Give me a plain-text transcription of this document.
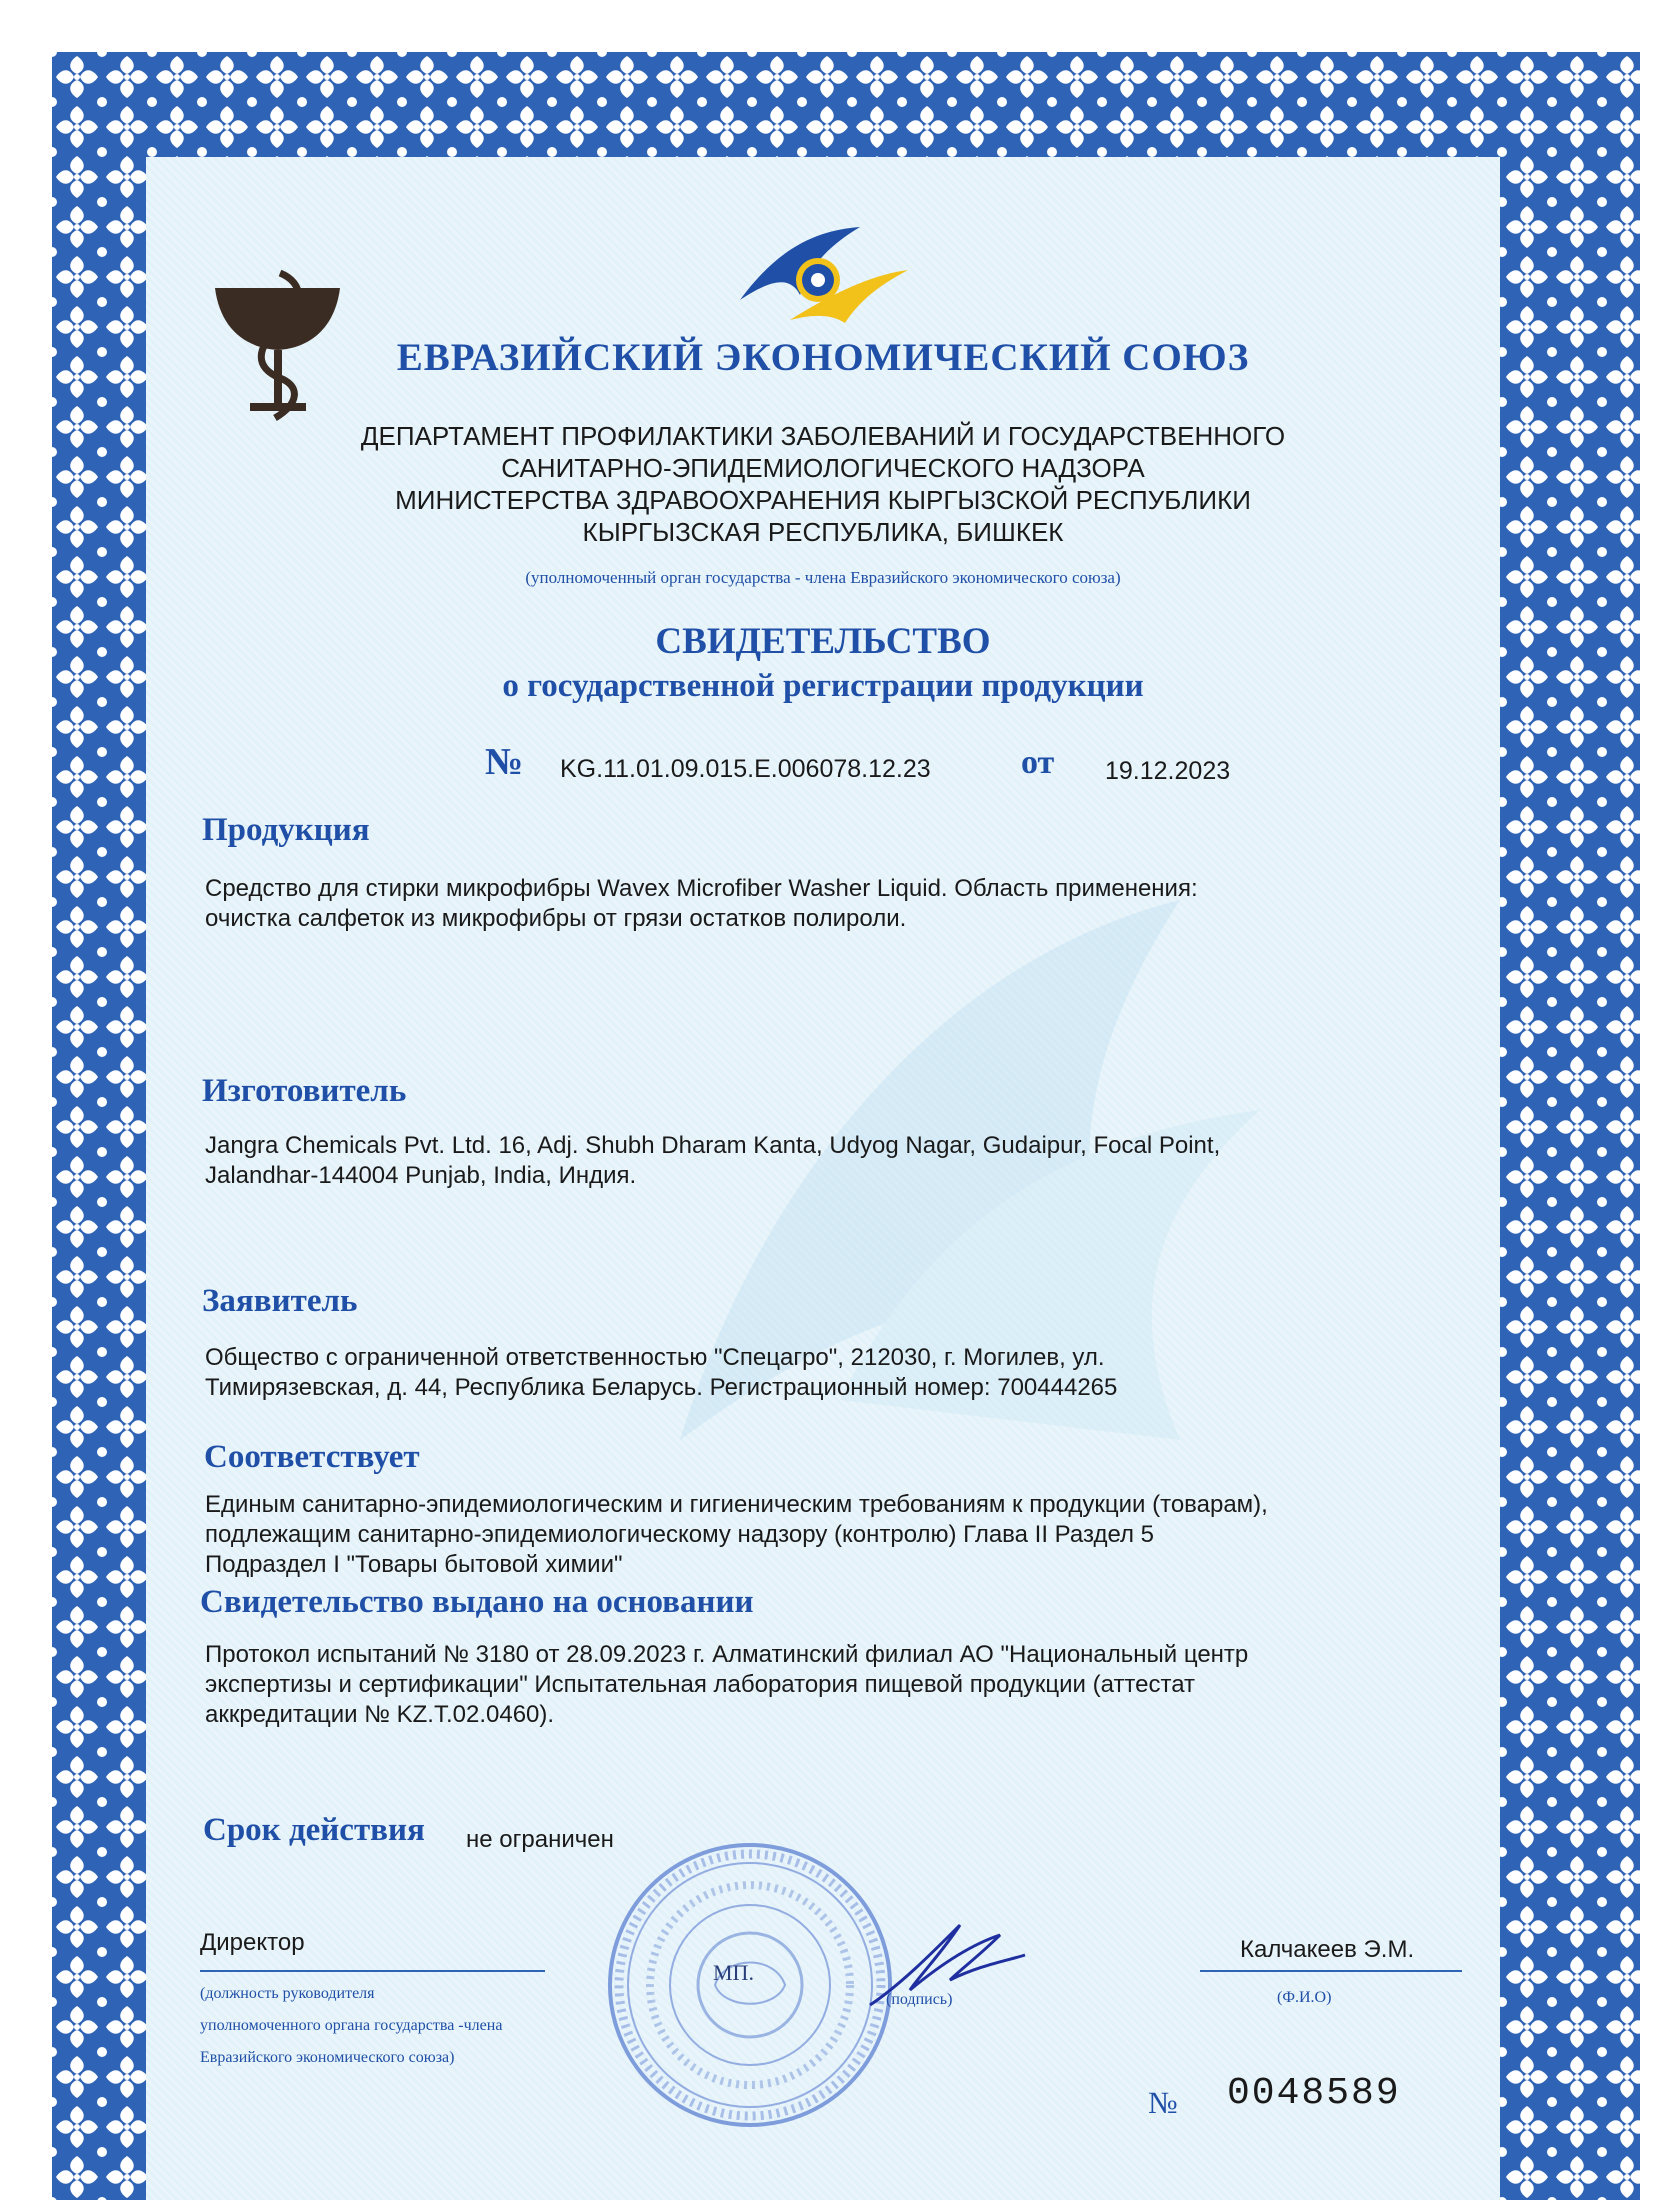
ЕВРАЗИЙСКИЙ ЭКОНОМИЧЕСКИЙ СОЮЗ
ДЕПАРТАМЕНТ ПРОФИЛАКТИКИ ЗАБОЛЕВАНИЙ И ГОСУДАРСТВЕННОГО
САНИТАРНО-ЭПИДЕМИОЛОГИЧЕСКОГО НАДЗОРА
МИНИСТЕРСТВА ЗДРАВООХРАНЕНИЯ КЫРГЫЗСКОЙ РЕСПУБЛИКИ
КЫРГЫЗСКАЯ РЕСПУБЛИКА, БИШКЕК
(уполномоченный орган государства - члена Евразийского экономического союза)
СВИДЕТЕЛЬСТВО
о государственной регистрации продукции
№ KG.11.01.09.015.Е.006078.12.23	от 19.12.2023
Продукция
Средство для стирки микрофибры Wavex Microfiber Washer Liquid. Область применения:
очистка салфеток из микрофибры от грязи остатков полироли.
Изготовитель
Jangra Chemicals Pvt. Ltd. 16, Adj. Shubh Dharam Kanta, Udyog Nagar, Gudaipur, Focal Point,
Jalandhar-144004 Punjab, India, Индия.
Заявитель
Общество с ограниченной ответственностью "Спецагро", 212030, г. Могилев, ул.
Тимирязевская, д. 44, Республика Беларусь. Регистрационный номер: 700444265
Соответствует
Единым санитарно-эпидемиологическим и гигиеническим требованиям к продукции (товарам),
подлежащим санитарно-эпидемиологическому надзору (контролю) Глава II Раздел 5
Подраздел I "Товары бытовой химии"
Свидетельство выдано на основании
Протокол испытаний № 3180 от 28.09.2023 г. Алматинский филиал АО "Национальный центр
экспертизы и сертификации" Испытательная лаборатория пищевой продукции (аттестат
аккредитации № KZ.T.02.0460).
Срок действия не ограничен
Директор
(должность руководителя
уполномоченного органа государства -члена
Евразийского экономического союза)
МП.
(подпись)
Калчакеев Э.М.
(Ф.И.О)
№ 0048589
